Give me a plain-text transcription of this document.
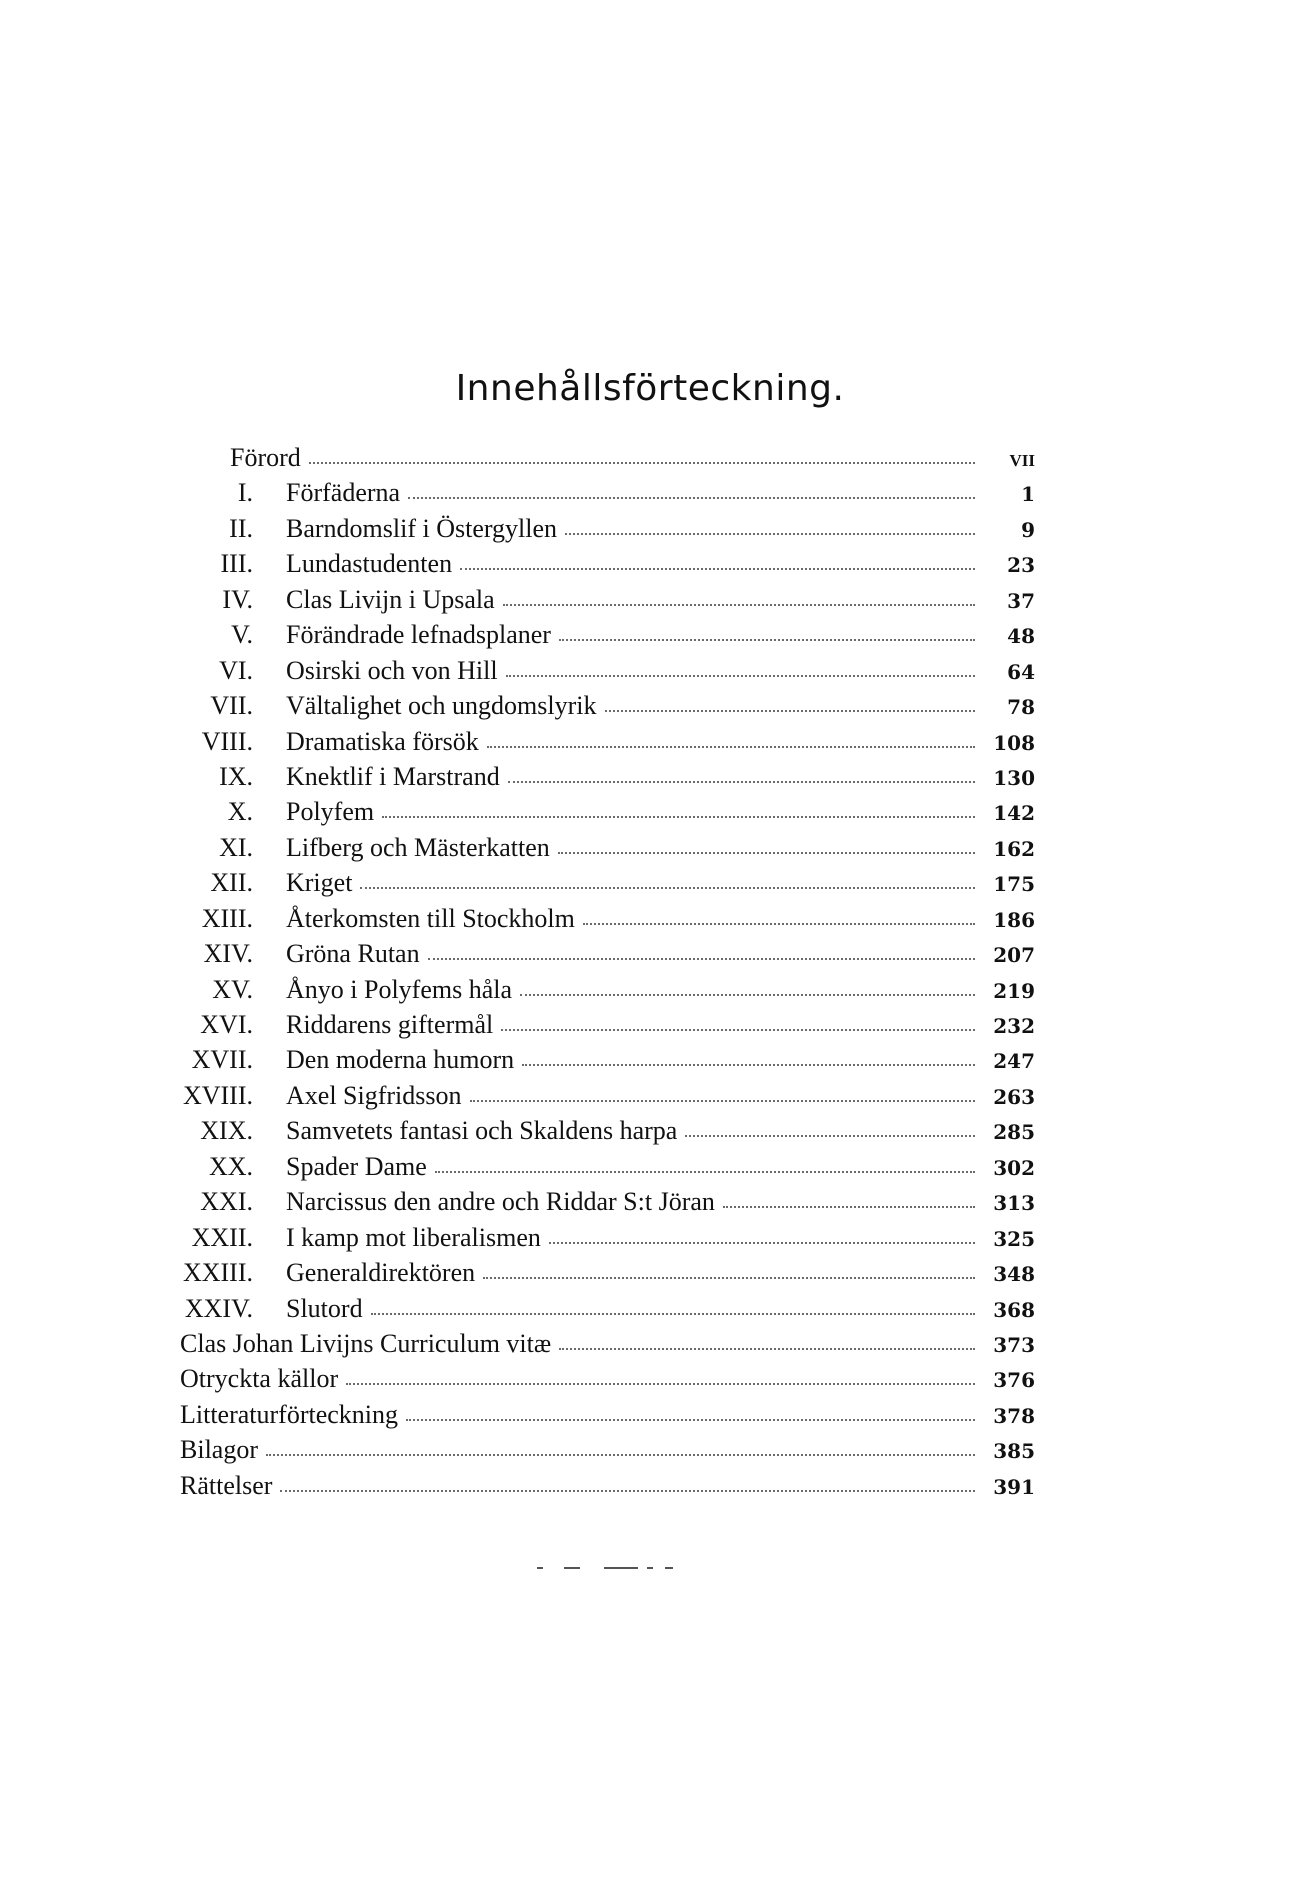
Innehållsförteckning.
Förord	VII
I. Förfäderna	1
II. Barndomslif i Östergyllen	9
III. Lundastudenten	23
IV. Clas Livijn i Upsala	37
V. Förändrade lefnadsplaner	48
VI. Osirski och von Hill	64
VII. Vältalighet och ungdomslyrik	78
VIII. Dramatiska försök	108
IX. Knektlif i Marstrand	130
X. Polyfem	142
XI. Lifberg och Mästerkatten	162
XII. Kriget	175
XIII. Återkomsten till Stockholm	186
XIV. Gröna Rutan	207
XV. Ånyo i Polyfems håla	219
XVI. Riddarens giftermål	232
XVII. Den moderna humorn	247
XVIII. Axel Sigfridsson	263
XIX. Samvetets fantasi och Skaldens harpa	285
XX. Spader Dame	302
XXI. Narcissus den andre och Riddar S:t Jöran	313
XXII. I kamp mot liberalismen	325
XXIII. Generaldirektören	348
XXIV. Slutord	368
Clas Johan Livijns Curriculum vitæ	373
Otryckta källor	376
Litteraturförteckning	378
Bilagor	385
Rättelser	391
